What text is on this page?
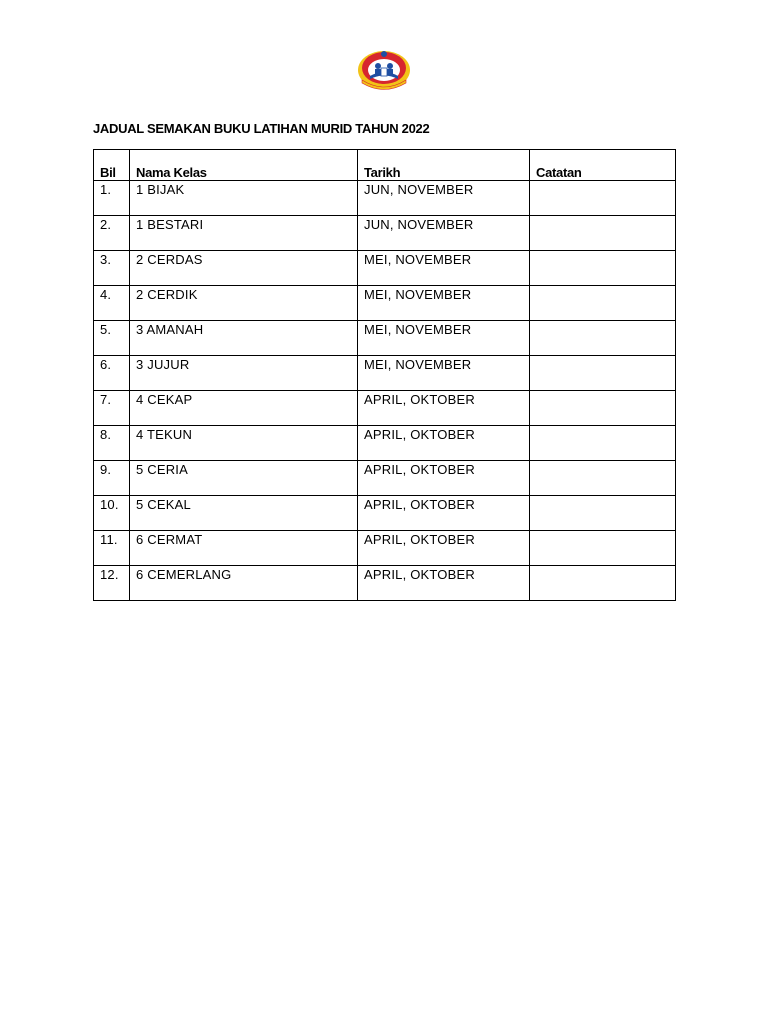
JADUAL SEMAKAN BUKU LATIHAN MURID TAHUN 2022
Bil	Nama Kelas	Tarikh	Catatan
1.	1 BIJAK	JUN, NOVEMBER	
2.	1 BESTARI	JUN, NOVEMBER	
3.	2 CERDAS	MEI, NOVEMBER	
4.	2 CERDIK	MEI, NOVEMBER	
5.	3 AMANAH	MEI, NOVEMBER	
6.	3 JUJUR	MEI, NOVEMBER	
7.	4 CEKAP	APRIL, OKTOBER	
8.	4 TEKUN	APRIL, OKTOBER	
9.	5 CERIA	APRIL, OKTOBER	
10.	5 CEKAL	APRIL, OKTOBER	
11.	6 CERMAT	APRIL, OKTOBER	
12.	6 CEMERLANG	APRIL, OKTOBER	
